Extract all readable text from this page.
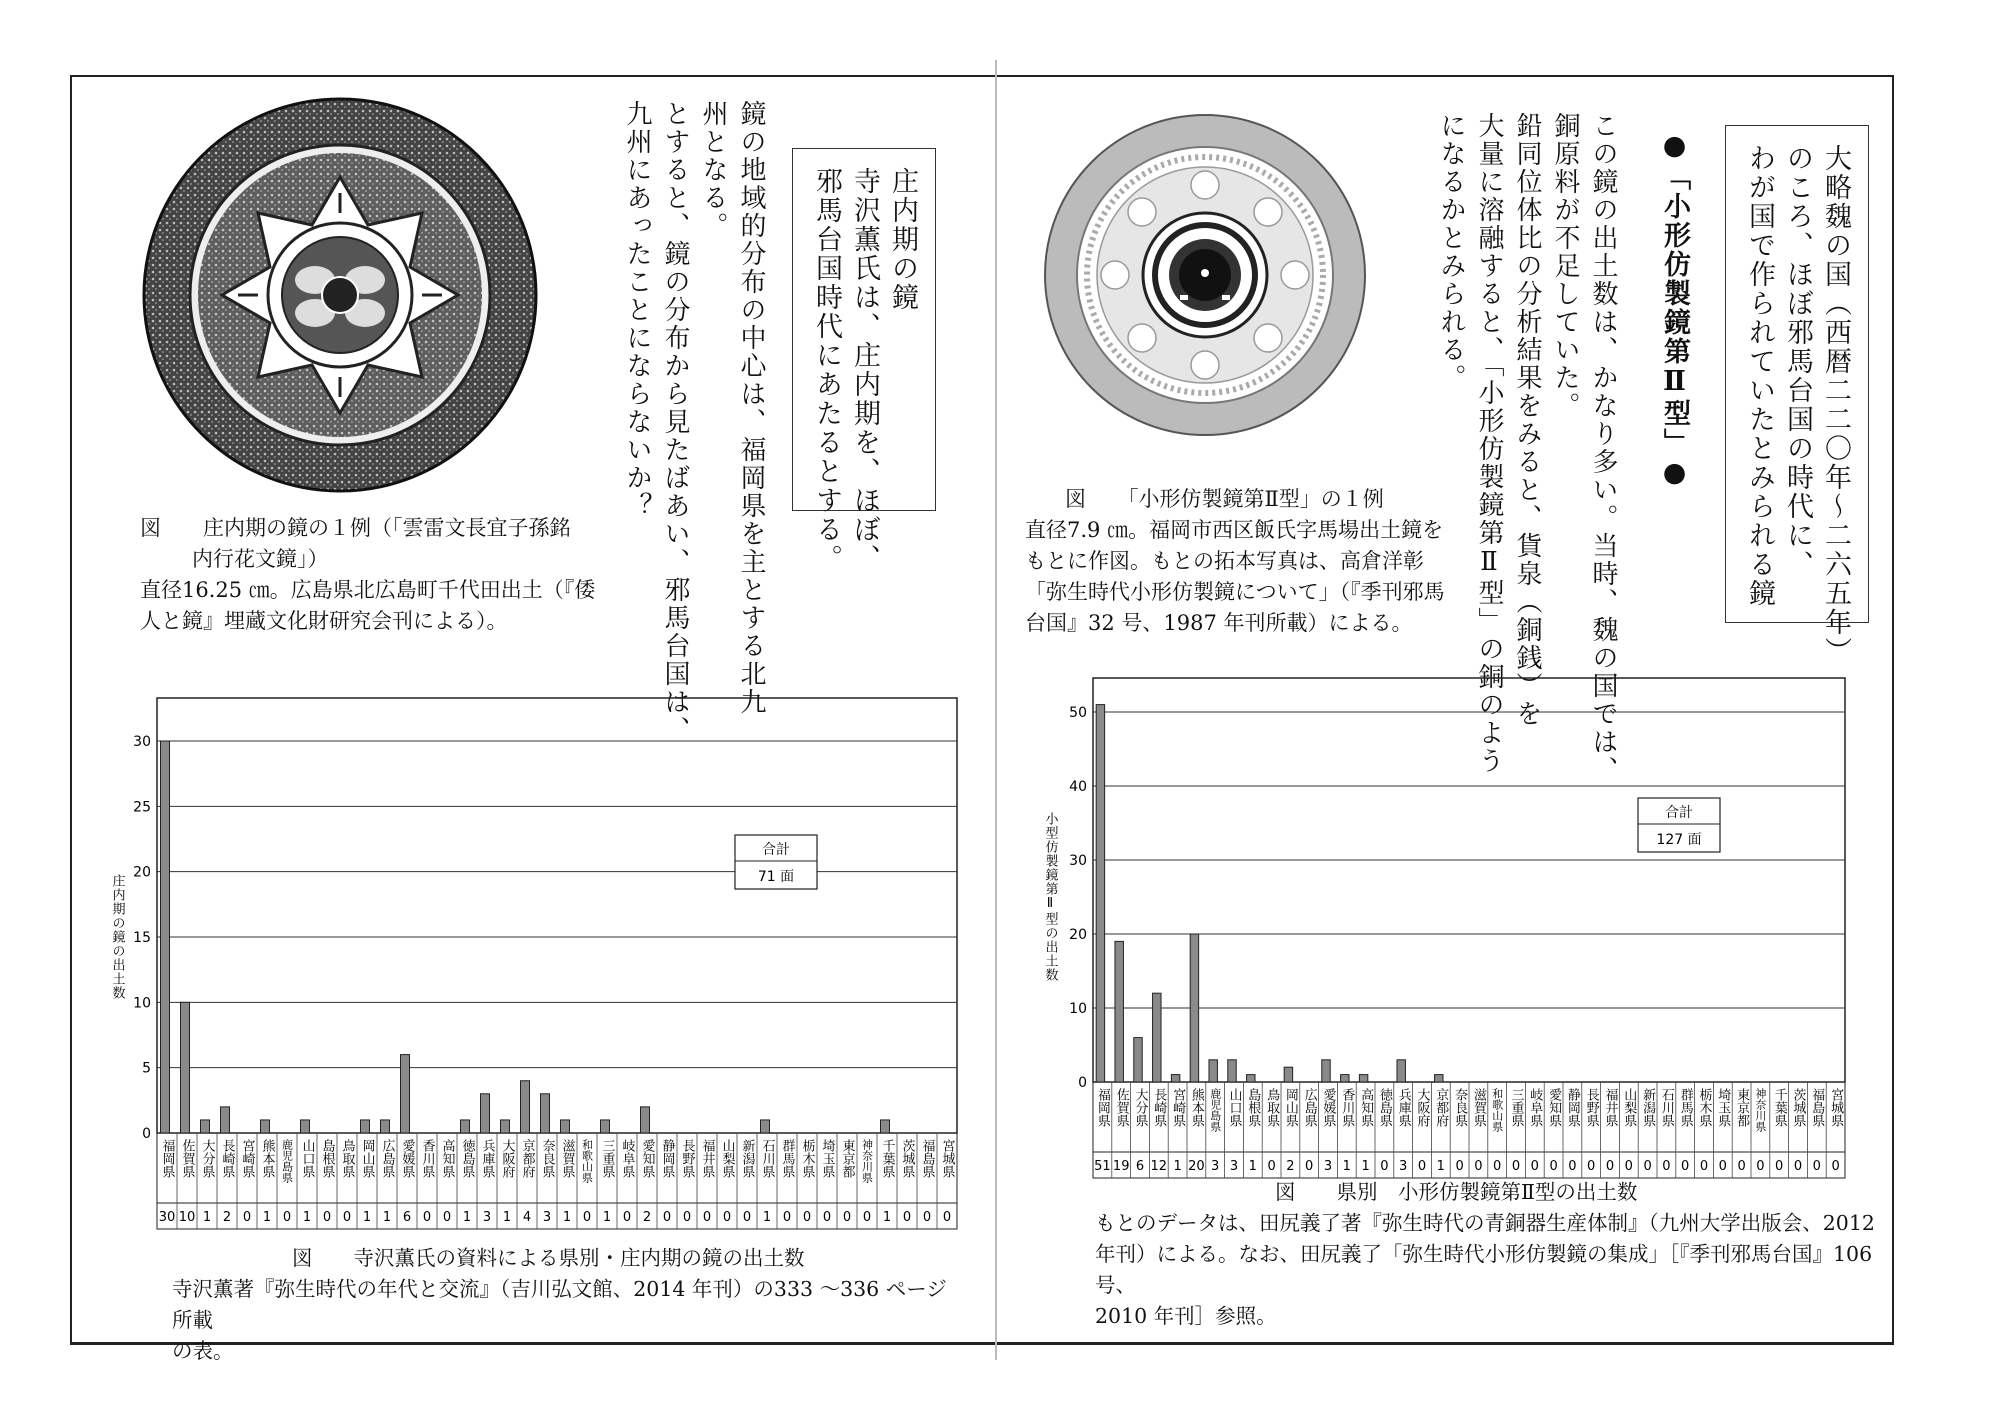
庄内期の鏡
寺沢薫氏は、庄内期を、ほぼ、
邪馬台国時代にあたるとする。
鏡の地域的分布の中心は、福岡県を主とする北九
州となる。
とすると、鏡の分布から見たばあい、邪馬台国は、
九州にあったことにならないか？
図　　庄内期の鏡の１例（「雲雷文長宜子孫銘
内行花文鏡」）
直径16.25 ㎝。広島県北広島町千代田出土（『倭
人と鏡』埋蔵文化財研究会刊による）。	大略魏の国（西暦二二〇年～二六五年）
のころ、ほぼ邪馬台国の時代に、
わが国で作られていたとみられる鏡
●「小形仿製鏡第Ⅱ型」●
この鏡の出土数は、かなり多い。当時、魏の国では、
銅原料が不足していた。
鉛同位体比の分析結果をみると、貨泉（銅銭）を
大量に溶融すると、「小形仿製鏡第Ⅱ型」の銅のよう
になるかとみられる。
図　　「小形仿製鏡第Ⅱ型」の１例
直径7.9 ㎝。福岡市西区飯氏字馬場出土鏡を
もとに作図。もとの拓本写真は、高倉洋彰
「弥生時代小形仿製鏡について」（『季刊邪馬
台国』32 号、1987 年刊所載）による。
0
5
10
15
20
25
30
庄内期の鏡の出土数
福岡県
30
佐賀県
10
大分県
1
長崎県
2
宮崎県
0
熊本県
1
鹿児島県
0
山口県
1
島根県
0
鳥取県
0
岡山県
1
広島県
1
愛媛県
6
香川県
0
高知県
0
徳島県
1
兵庫県
3
大阪府
1
京都府
4
奈良県
3
滋賀県
1
和歌山県
0
三重県
1
岐阜県
0
愛知県
2
静岡県
0
長野県
0
福井県
0
山梨県
0
新潟県
0
石川県
1
群馬県
0
栃木県
0
埼玉県
0
東京都
0
神奈川県
0
千葉県
1
茨城県
0
福島県
0
宮城県
0
合計
71 面
0
10
20
30
40
50
小型仿製鏡第Ⅱ型の出土数
福岡県
51
佐賀県
19
大分県
6
長崎県
12
宮崎県
1
熊本県
20
鹿児島県
3
山口県
3
島根県
1
鳥取県
0
岡山県
2
広島県
0
愛媛県
3
香川県
1
高知県
1
徳島県
0
兵庫県
3
大阪府
0
京都府
1
奈良県
0
滋賀県
0
和歌山県
0
三重県
0
岐阜県
0
愛知県
0
静岡県
0
長野県
0
福井県
0
山梨県
0
新潟県
0
石川県
0
群馬県
0
栃木県
0
埼玉県
0
東京都
0
神奈川県
0
千葉県
0
茨城県
0
福島県
0
宮城県
0
合計
127 面
図　　寺沢薫氏の資料による県別・庄内期の鏡の出土数
寺沢薫著『弥生時代の年代と交流』（吉川弘文館、2014 年刊）の333 ～336 ページ所載
の表。
図　　県別　小形仿製鏡第Ⅱ型の出土数
もとのデータは、田尻義了著『弥生時代の青銅器生産体制』（九州大学出版会、2012
年刊）による。なお、田尻義了「弥生時代小形仿製鏡の集成」［『季刊邪馬台国』106 号、
2010 年刊］参照。
